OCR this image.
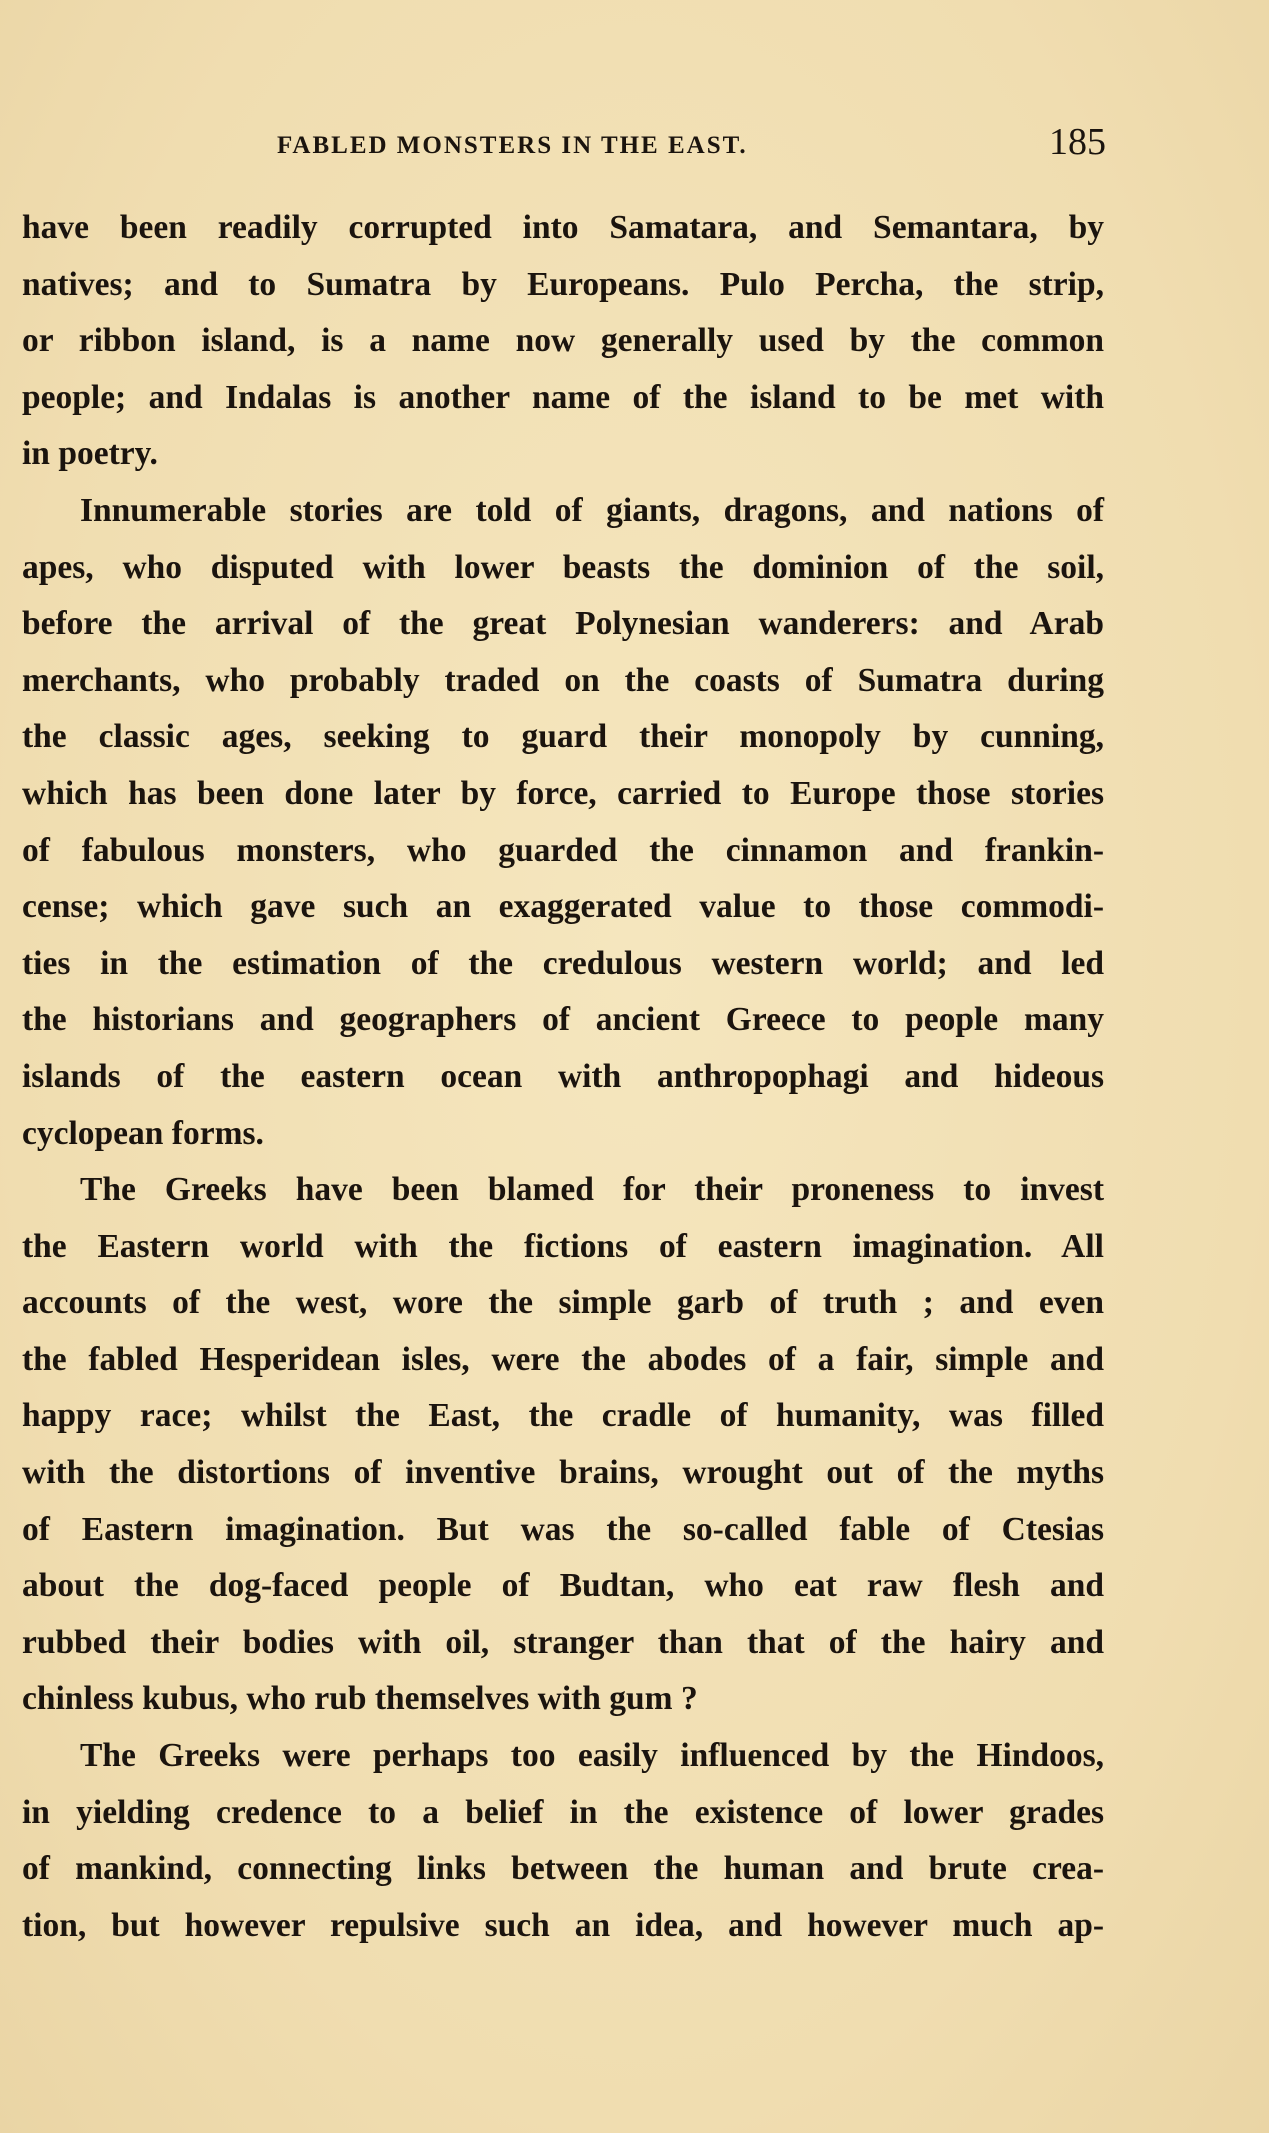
FABLED MONSTERS IN THE EAST.	185
have been readily corrupted into Samatara, and Semantara, by
natives; and to Sumatra by Europeans. Pulo Percha, the strip,
or ribbon island, is a name now generally used by the common
people; and Indalas is another name of the island to be met with
in poetry.
Innumerable stories are told of giants, dragons, and nations of
apes, who disputed with lower beasts the dominion of the soil,
before the arrival of the great Polynesian wanderers: and Arab
merchants, who probably traded on the coasts of Sumatra during
the classic ages, seeking to guard their monopoly by cunning,
which has been done later by force, carried to Europe those stories
of fabulous monsters, who guarded the cinnamon and frankin-
cense; which gave such an exaggerated value to those commodi-
ties in the estimation of the credulous western world; and led
the historians and geographers of ancient Greece to people many
islands of the eastern ocean with anthropophagi and hideous
cyclopean forms.
The Greeks have been blamed for their proneness to invest
the Eastern world with the fictions of eastern imagination. All
accounts of the west, wore the simple garb of truth ; and even
the fabled Hesperidean isles, were the abodes of a fair, simple and
happy race; whilst the East, the cradle of humanity, was filled
with the distortions of inventive brains, wrought out of the myths
of Eastern imagination. But was the so-called fable of Ctesias
about the dog-faced people of Budtan, who eat raw flesh and
rubbed their bodies with oil, stranger than that of the hairy and
chinless kubus, who rub themselves with gum ?
The Greeks were perhaps too easily influenced by the Hindoos,
in yielding credence to a belief in the existence of lower grades
of mankind, connecting links between the human and brute crea-
tion, but however repulsive such an idea, and however much ap-
